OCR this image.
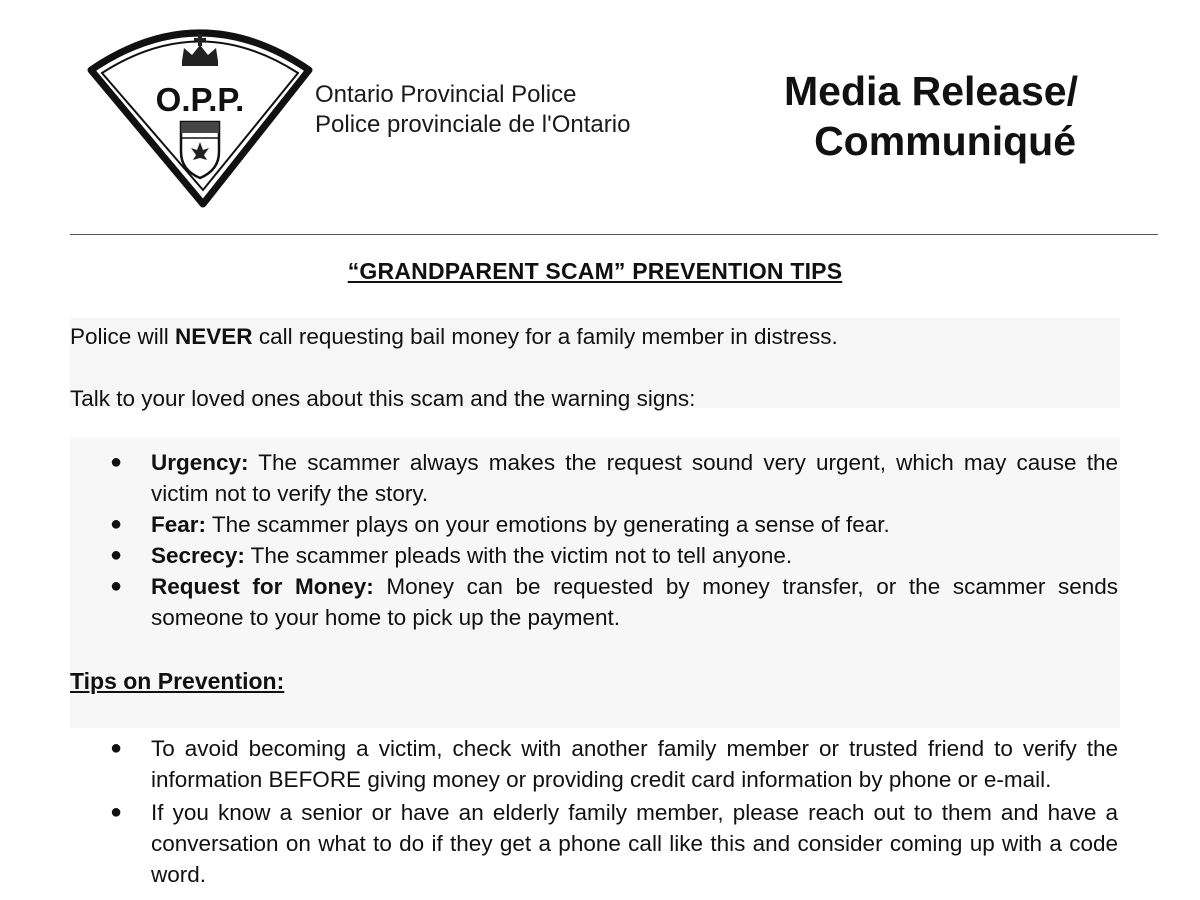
O.P.P.	Ontario Provincial Police
Police provinciale de l'Ontario
Media Release/
Communiqué
“GRANDPARENT SCAM” PREVENTION TIPS
Police will NEVER call requesting bail money for a family member in distress.
Talk to your loved ones about this scam and the warning signs:
● Urgency: The scammer always makes the request sound very urgent, which may cause the victim not to verify the story.
● Fear: The scammer plays on your emotions by generating a sense of fear.
● Secrecy: The scammer pleads with the victim not to tell anyone.
● Request for Money: Money can be requested by money transfer, or the scammer sends someone to your home to pick up the payment.
Tips on Prevention:
● To avoid becoming a victim, check with another family member or trusted friend to verify the information BEFORE giving money or providing credit card information by phone or e-mail.
● If you know a senior or have an elderly family member, please reach out to them and have a conversation on what to do if they get a phone call like this and consider coming up with a code word.
